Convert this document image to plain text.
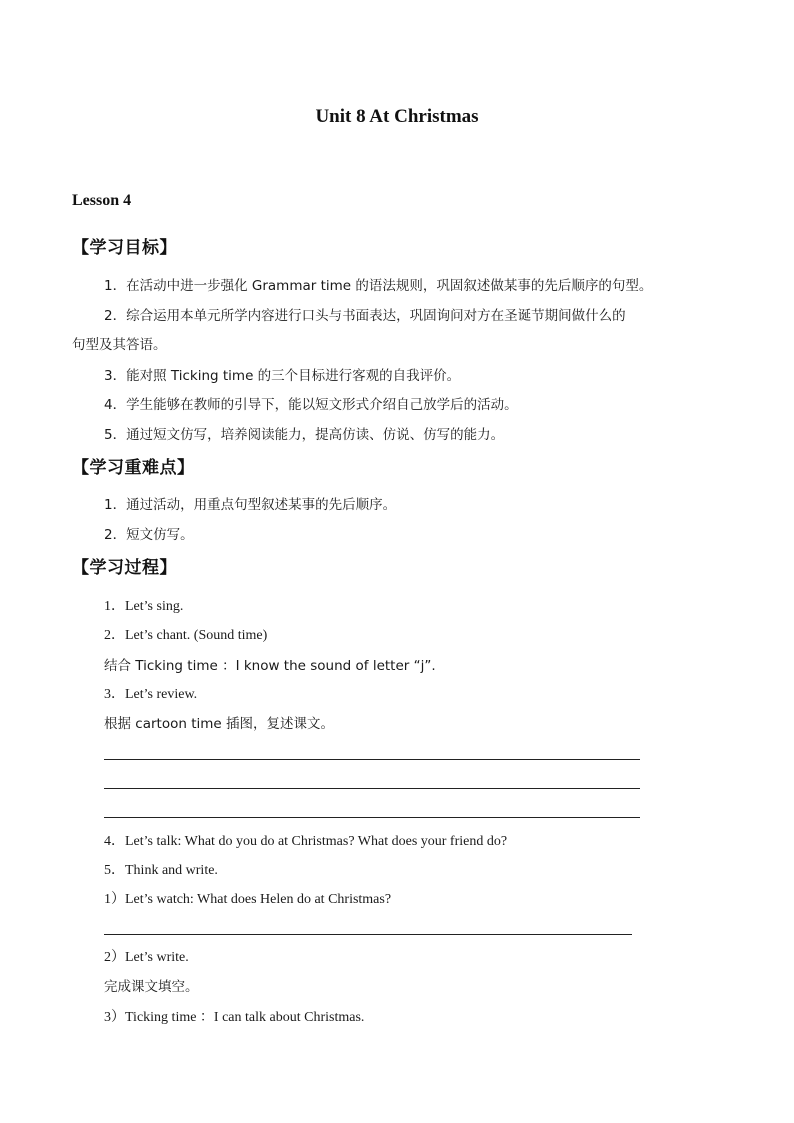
Unit 8 At Christmas
Lesson 4
【学习目标】
1．在活动中进一步强化 Grammar time 的语法规则，巩固叙述做某事的先后顺序的句型。
2．综合运用本单元所学内容进行口头与书面表达，巩固询问对方在圣诞节期间做什么的
句型及其答语。
3．能对照 Ticking time 的三个目标进行客观的自我评价。
4．学生能够在教师的引导下，能以短文形式介绍自己放学后的活动。
5．通过短文仿写，培养阅读能力，提高仿读、仿说、仿写的能力。
【学习重难点】
1．通过活动，用重点句型叙述某事的先后顺序。
2．短文仿写。
【学习过程】
1．Let’s sing.
2．Let’s chant. (Sound time)
结合 Ticking time ：I know the sound of letter “j”.
3．Let’s review.
根据 cartoon time 插图，复述课文。
4．Let’s talk: What do you do at Christmas? What does your friend do?
5．Think and write.
1）Let’s watch: What does Helen do at Christmas?
2）Let’s write.
完成课文填空。
3）Ticking time ：I can talk about Christmas.
